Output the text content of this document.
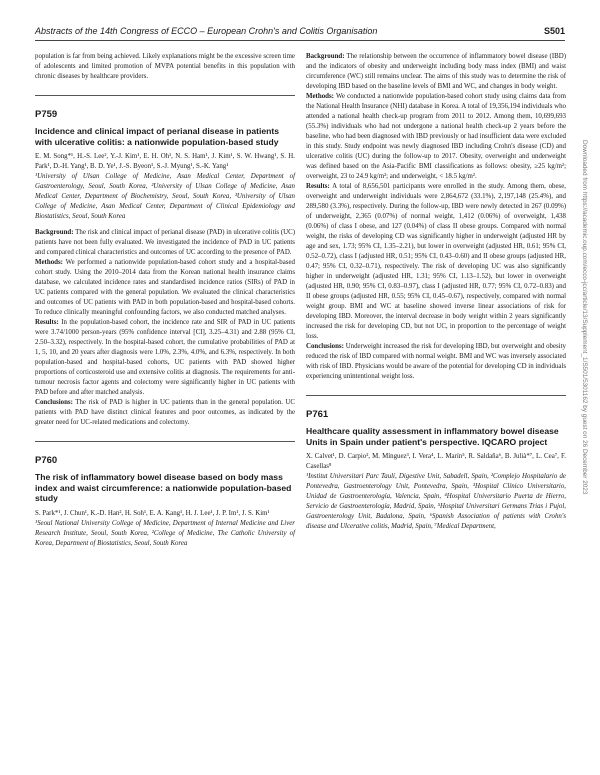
Abstracts of the 14th Congress of ECCO – European Crohn's and Colitis Organisation	S501

population is far from being achieved. Likely explanations might be the excessive screen time of adolescents and limited promotion of MVPA potential benefits in this population with chronic diseases by healthcare providers.

P759
Incidence and clinical impact of perianal disease in patients with ulcerative colitis: a nationwide population-based study

E. M. Song*¹, H.-S. Lee², Y.-J. Kim¹, E. H. Oh¹, N. S. Ham¹, J. Kim¹, S. W. Hwang¹, S. H. Park¹, D.-H. Yang¹, B. D. Ye¹, J.-S. Byeon¹, S.-J. Myung¹, S.-K. Yang¹

¹University of Ulsan College of Medicine, Asan Medical Center, Department of Gastroenterology, Seoul, South Korea, ²University of Ulsan College of Medicine, Asan Medical Center, Department of Biochemistry, Seoul, South Korea, ³University of Ulsan College of Medicine, Asan Medical Center, Department of Clinical Epidemiology and Biostatistics, Seoul, South Korea

Background: The risk and clinical impact of perianal disease (PAD) in ulcerative colitis (UC) patients have not been fully evaluated. We investigated the incidence of PAD in UC patients and compared clinical characteristics and outcomes of UC according to the presence of PAD.

Methods: We performed a nationwide population-based cohort study and a hospital-based cohort study. Using the 2010–2014 data from the Korean national health insurance claims database, we calculated incidence rates and standardised incidence ratios (SIRs) of PAD in UC patients compared with the general population. We evaluated the clinical characteristics and outcomes of UC patients with PAD in both population-based and hospital-based cohorts. To reduce clinically meaningful confounding factors, we also conducted matched analyses.

Results: In the population-based cohort, the incidence rate and SIR of PAD in UC patients were 3.74/1000 person-years (95% confidence interval [CI], 3.25–4.31) and 2.88 (95% CI, 2.50–3.32), respectively. In the hospital-based cohort, the cumulative probabilities of PAD at 1, 5, 10, and 20 years after diagnosis were 1.0%, 2.3%, 4.0%, and 6.3%, respectively. In both population-based and hospital-based cohorts, UC patients with PAD showed higher proportions of corticosteroid use and extensive colitis at diagnosis. The requirements for anti-tumour necrosis factor agents and colectomy were significantly higher in UC patients with PAD before and after matched analysis.

Conclusions: The risk of PAD is higher in UC patients than in the general population. UC patients with PAD have distinct clinical features and poor outcomes, as indicated by the greater need for UC-related medications and colectomy.

P760
The risk of inflammatory bowel disease based on body mass index and waist circumference: a nationwide population-based study

S. Park*¹, J. Chun¹, K.-D. Han², H. Soh¹, E. A. Kang¹, H. J. Lee¹, J. P. Im¹, J. S. Kim¹

¹Seoul National University College of Medicine, Department of Internal Medicine and Liver Research Institute, Seoul, South Korea, ²College of Medicine, The Catholic University of Korea, Department of Biostatistics, Seoul, South Korea

Background: The relationship between the occurrence of inflammatory bowel disease (IBD) and the indicators of obesity and underweight including body mass index (BMI) and waist circumference (WC) still remains unclear. The aims of this study was to determine the risk of developing IBD based on the baseline levels of BMI and WC, and changes in body weight.

Methods: We conducted a nationwide population-based cohort study using claims data from the National Health Insurance (NHI) database in Korea. A total of 19,356,194 individuals who attended a national health check-up program from 2011 to 2012. Among them, 10,699,693 (55.3%) individuals who had not undergone a national health check-up 2 years before the baseline, who had been diagnosed with IBD previously or had insufficient data were excluded in this study. Study endpoint was newly diagnosed IBD including Crohn's disease (CD) and ulcerative colitis (UC) during the follow-up to 2017. Obesity, overweight and underweight was defined based on the Asia-Pacific BMI classifications as follows: obesity, ≥25 kg/m²; overweight, 23 to 24.9 kg/m²; and underweight, < 18.5 kg/m².

Results: A total of 8,656,501 participants were enrolled in the study. Among them, obese, overweight and underweight individuals were 2,864,672 (33.1%), 2,197,148 (25.4%), and 289,580 (3.3%), respectively. During the follow-up, IBD were newly detected in 267 (0.09%) of underweight, 2,365 (0.07%) of normal weight, 1,412 (0.06%) of overweight, 1,438 (0.06%) of class I obese, and 127 (0.04%) of class II obese groups. Compared with normal weight, the risks of developing CD was significantly higher in underweight (adjusted HR by age and sex, 1.73; 95% CI, 1.35–2.21), but lower in overweight (adjusted HR, 0.61; 95% CI, 0.52–0.72), class I (adjusted HR, 0.51; 95% CI, 0.43–0.60) and II obese groups (adjusted HR, 0.47; 95% CI, 0.32–0.71), respectively. The risk of developing UC was also significantly higher in underweight (adjusted HR, 1.31; 95% CI, 1.13–1.52), but lower in overweight (adjusted HR, 0.90; 95% CI, 0.83–0.97), class I (adjusted HR, 0.77; 95% CI, 0.72–0.83) and II obese groups (adjusted HR, 0.55; 95% CI, 0.45–0.67), respectively, compared with normal weight group. BMI and WC at baseline showed inverse linear associations of risk for developing IBD. Moreover, the interval decrease in body weight within 2 years significantly increased the risk for developing CD, but not UC, in proportion to the percentage of weight loss.

Conclusions: Underweight increased the risk for developing IBD, but overweight and obesity reduced the risk of IBD compared with normal weight. BMI and WC was inversely associated with risk of IBD. Physicians would be aware of the potential for developing CD in individuals experiencing unintentional weight loss.

P761
Healthcare quality assessment in inflammatory bowel disease Units in Spain under patient's perspective. IQCARO project

X. Calvet¹, D. Carpio², M. Mínguez³, I. Vera⁴, L. Marín⁵, R. Saldaña⁶, B. Julià*⁷, L. Cea⁷, F. Casellas⁸

¹Institut Universitari Parc Taulí, Digestive Unit, Sabadell, Spain, ²Complejo Hospitalario de Pontevedra, Gastroenterology Unit, Pontevedra, Spain, ³Hospital Clínico Universitario, Unidad de Gastroenterología, Valencia, Spain, ⁴Hospital Universitario Puerta de Hierro, Servicio de Gastroenterología, Madrid, Spain, ⁵Hospital Universitari Germans Trias i Pujol, Gastroenterology Unit, Badalona, Spain, ⁶Spanish Association of patients with Crohn's disease and Ulcerative colitis, Madrid, Spain, ⁷Medical Department,

Downloaded from https://academic.oup.com/ecco-jcc/article/13/Supplement_1/S501/5301162 by guest on 26 December 2023
